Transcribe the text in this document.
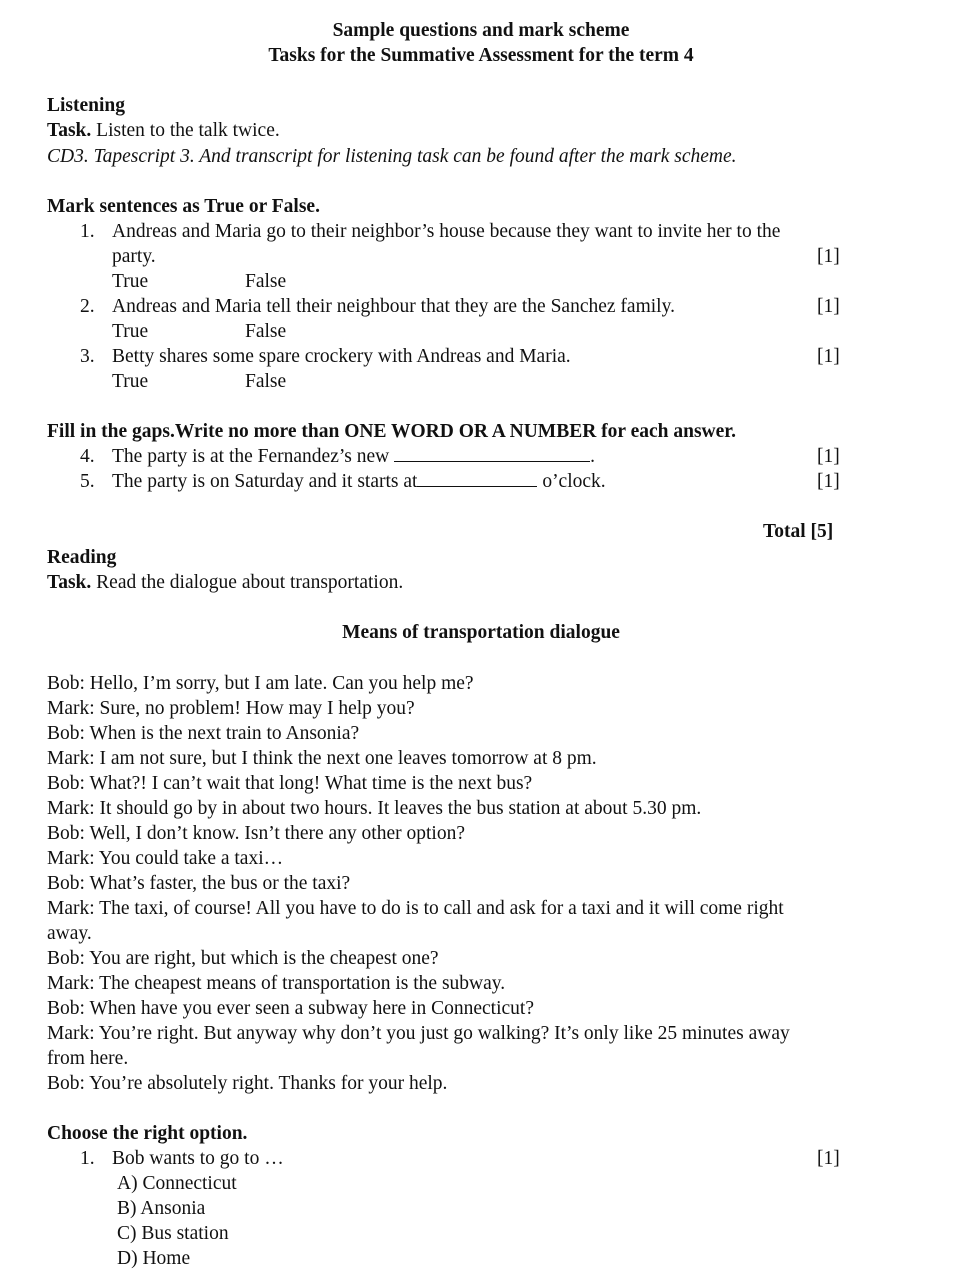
Sample questions and mark scheme
Tasks for the Summative Assessment for the term 4
Listening
Task. Listen to the talk twice.
CD3. Tapescript 3. And transcript for listening task can be found after the mark scheme.
Mark sentences as True or False.
1. Andreas and Maria go to their neighbor’s house because they want to invite her to the
party.	[1]
True	False
2. Andreas and Maria tell their neighbour that they are the Sanchez family.	[1]
True	False
3. Betty shares some spare crockery with Andreas and Maria.	[1]
True	False
Fill in the gaps.Write no more than ONE WORD OR A NUMBER for each answer.
4. The party is at the Fernandez’s new	.	[1]
5. The party is on Saturday and it starts at	o’clock.	[1]
Total [5]
Reading
Task. Read the dialogue about transportation.
Means of transportation dialogue
Bob: Hello, I’m sorry, but I am late. Can you help me?
Mark: Sure, no problem! How may I help you?
Bob: When is the next train to Ansonia?
Mark: I am not sure, but I think the next one leaves tomorrow at 8 pm.
Bob: What?! I can’t wait that long! What time is the next bus?
Mark: It should go by in about two hours. It leaves the bus station at about 5.30 pm.
Bob: Well, I don’t know. Isn’t there any other option?
Mark: You could take a taxi…
Bob: What’s faster, the bus or the taxi?
Mark: The taxi, of course! All you have to do is to call and ask for a taxi and it will come right
away.
Bob: You are right, but which is the cheapest one?
Mark: The cheapest means of transportation is the subway.
Bob: When have you ever seen a subway here in Connecticut?
Mark: You’re right. But anyway why don’t you just go walking? It’s only like 25 minutes away
from here.
Bob: You’re absolutely right. Thanks for your help.
Choose the right option.
1. Bob wants to go to …	[1]
A) Connecticut
B) Ansonia
C) Bus station
D) Home
